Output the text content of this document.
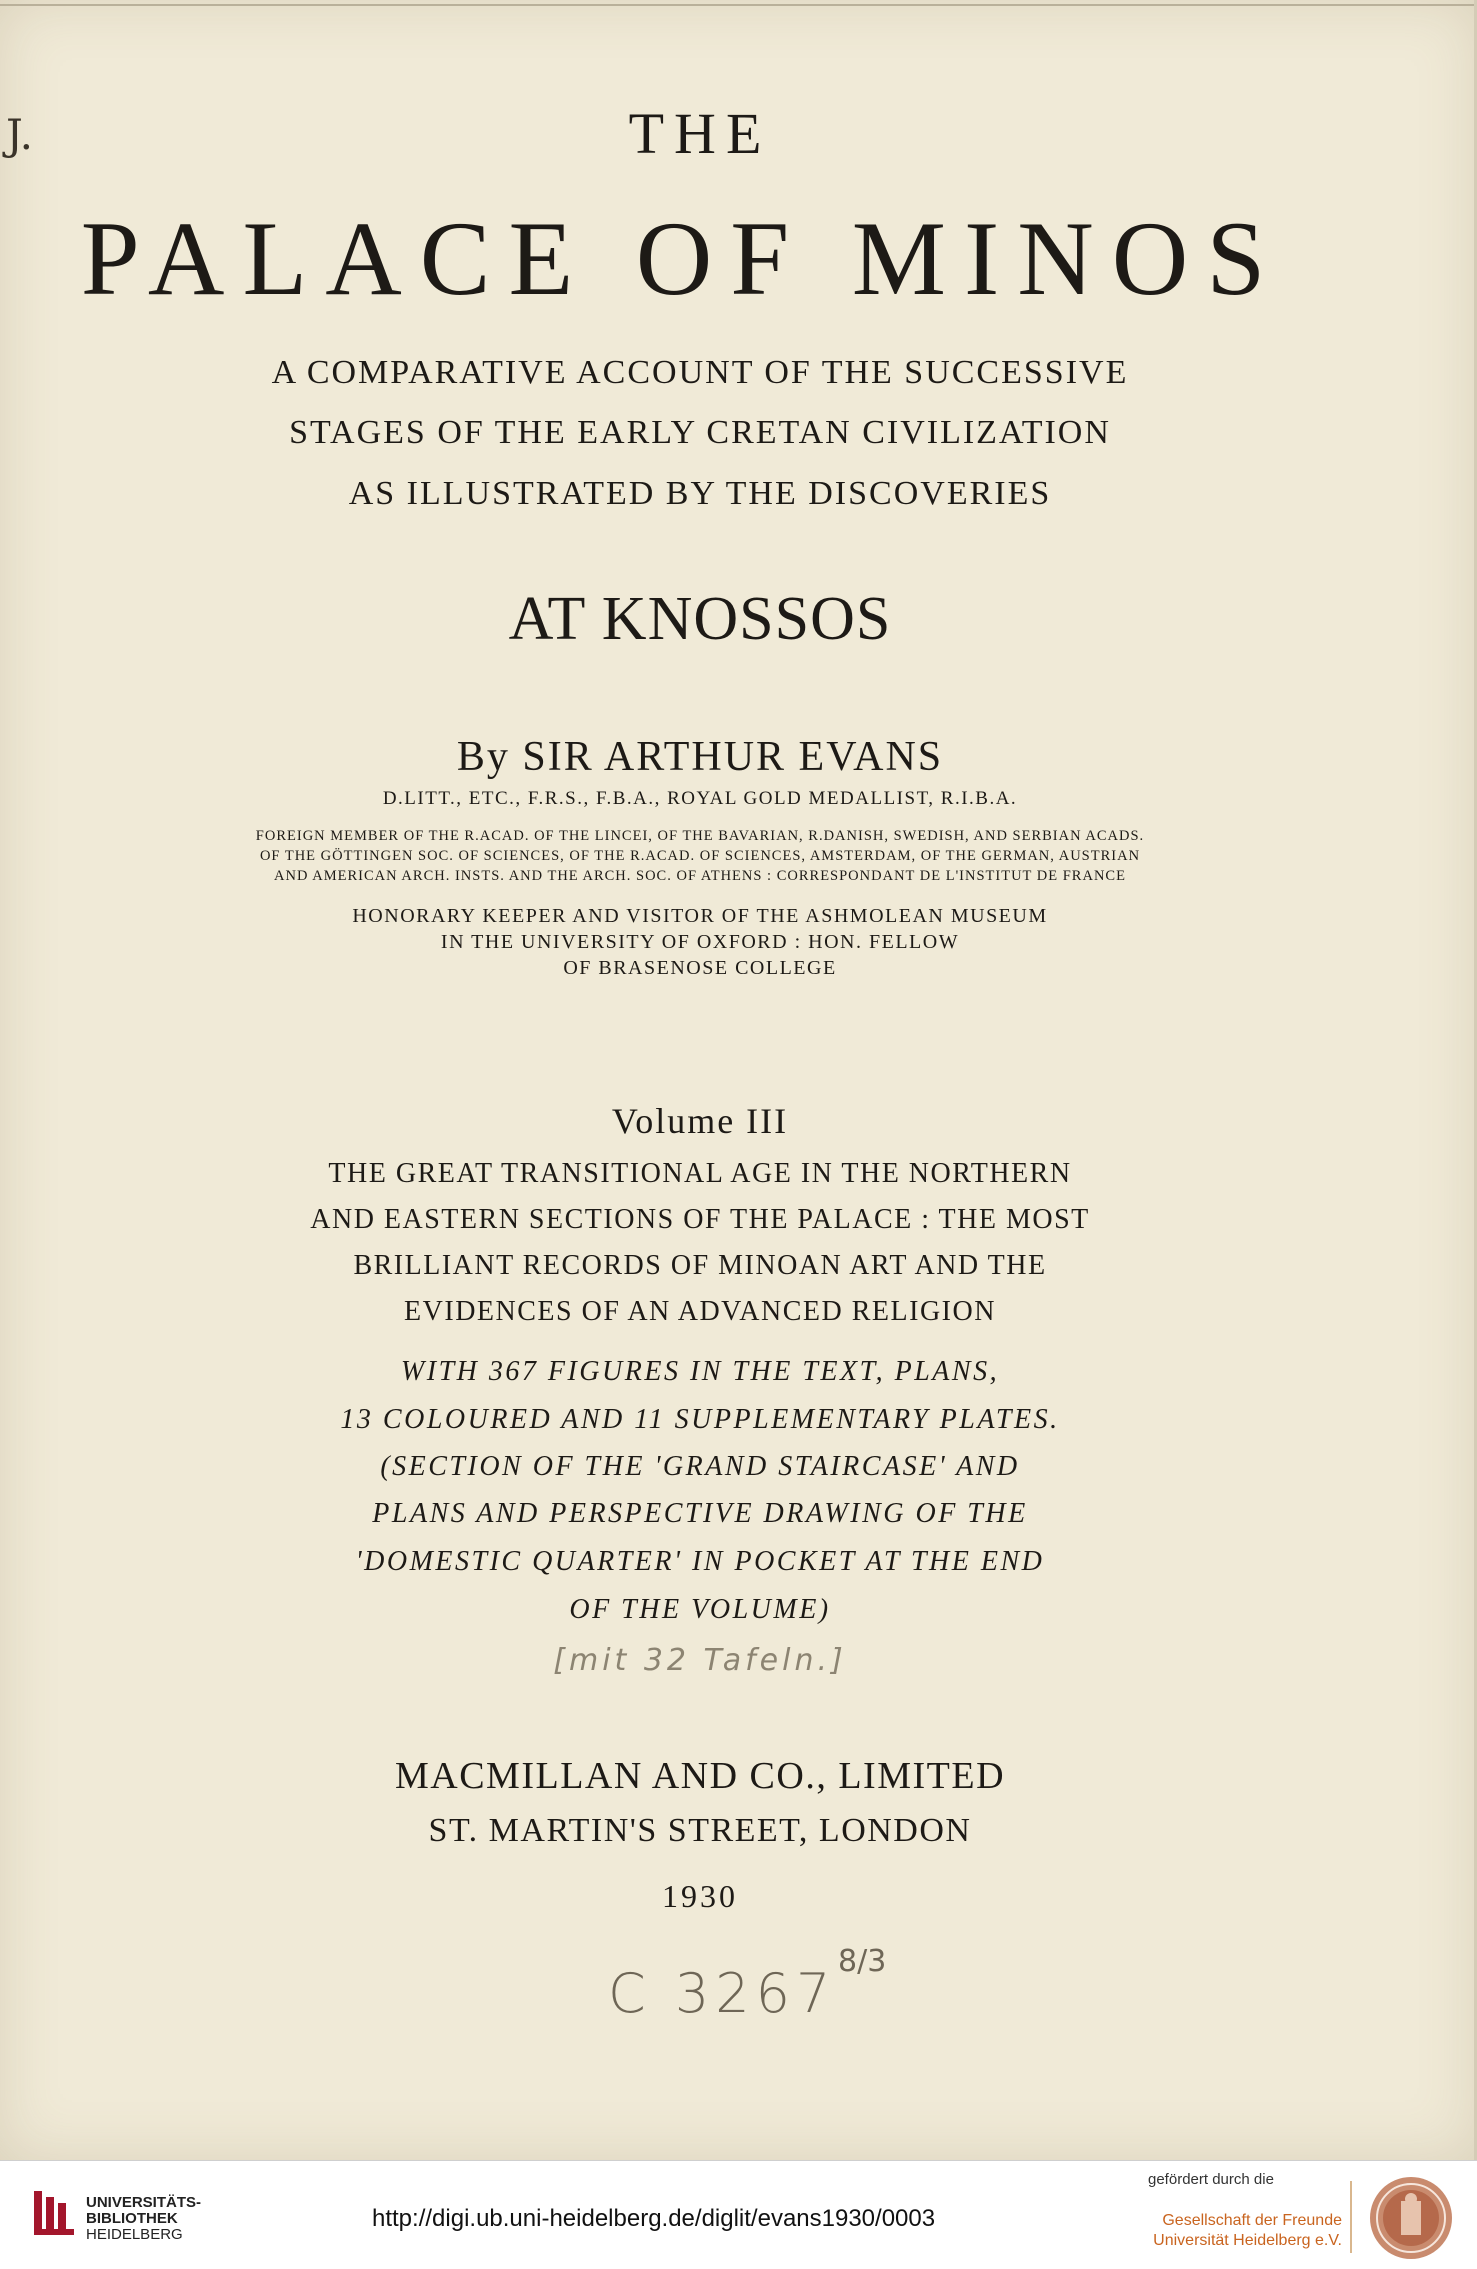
J.	THE
PALACE OF MINOS
A COMPARATIVE ACCOUNT OF THE SUCCESSIVE
STAGES OF THE EARLY CRETAN CIVILIZATION
AS ILLUSTRATED BY THE DISCOVERIES
AT KNOSSOS
By SIR ARTHUR EVANS
D.LITT., ETC., F.R.S., F.B.A., ROYAL GOLD MEDALLIST, R.I.B.A.
FOREIGN MEMBER OF THE R.ACAD. OF THE LINCEI, OF THE BAVARIAN, R.DANISH, SWEDISH, AND SERBIAN ACADS.
OF THE GÖTTINGEN SOC. OF SCIENCES, OF THE R.ACAD. OF SCIENCES, AMSTERDAM, OF THE GERMAN, AUSTRIAN
AND AMERICAN ARCH. INSTS. AND THE ARCH. SOC. OF ATHENS : CORRESPONDANT DE L'INSTITUT DE FRANCE
HONORARY KEEPER AND VISITOR OF THE ASHMOLEAN MUSEUM
IN THE UNIVERSITY OF OXFORD : HON. FELLOW
OF BRASENOSE COLLEGE
Volume III
THE GREAT TRANSITIONAL AGE IN THE NORTHERN
AND EASTERN SECTIONS OF THE PALACE : THE MOST
BRILLIANT RECORDS OF MINOAN ART AND THE
EVIDENCES OF AN ADVANCED RELIGION
WITH 367 FIGURES IN THE TEXT, PLANS,
13 COLOURED AND 11 SUPPLEMENTARY PLATES.
(SECTION OF THE 'GRAND STAIRCASE' AND
PLANS AND PERSPECTIVE DRAWING OF THE
'DOMESTIC QUARTER' IN POCKET AT THE END
OF THE VOLUME)
[mit 32 Tafeln.]
MACMILLAN AND CO., LIMITED
ST. MARTIN'S STREET, LONDON
1930
C 3267
8/3
UNIVERSITÄTS-
BIBLIOTHEK
HEIDELBERG
http://digi.ub.uni-heidelberg.de/diglit/evans1930/0003
gefördert durch die
Gesellschaft der Freunde
Universität Heidelberg e.V.
